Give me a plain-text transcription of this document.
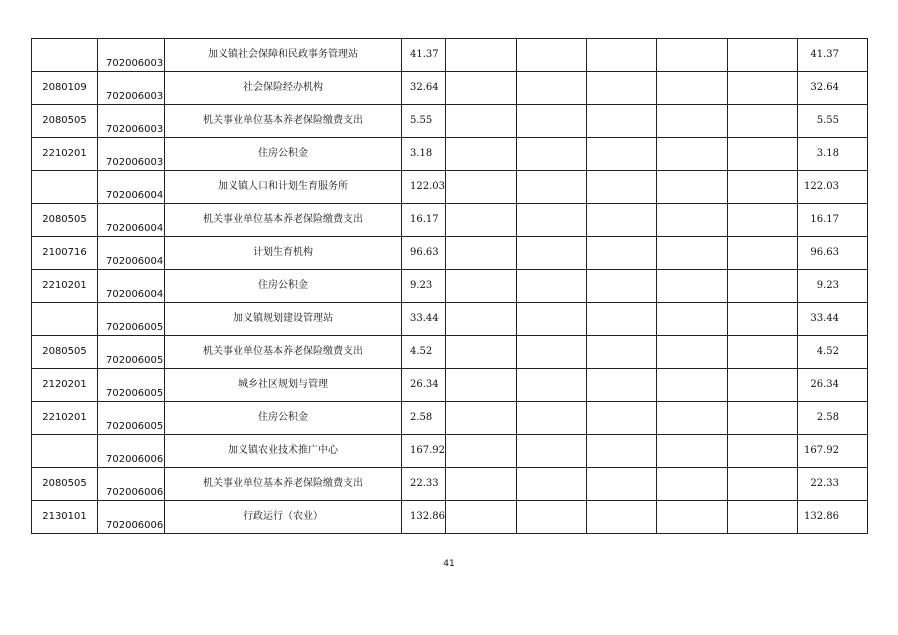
	702006003	加义镇社会保障和民政事务管理站	41.37						41.37
2080109	702006003	社会保险经办机构	32.64						32.64
2080505	702006003	机关事业单位基本养老保险缴费支出	5.55						5.55
2210201	702006003	住房公积金	3.18						3.18
	702006004	加义镇人口和计划生育服务所	122.03						122.03
2080505	702006004	机关事业单位基本养老保险缴费支出	16.17						16.17
2100716	702006004	计划生育机构	96.63						96.63
2210201	702006004	住房公积金	9.23						9.23
	702006005	加义镇规划建设管理站	33.44						33.44
2080505	702006005	机关事业单位基本养老保险缴费支出	4.52						4.52
2120201	702006005	城乡社区规划与管理	26.34						26.34
2210201	702006005	住房公积金	2.58						2.58
	702006006	加义镇农业技术推广中心	167.92						167.92
2080505	702006006	机关事业单位基本养老保险缴费支出	22.33						22.33
2130101	702006006	行政运行（农业）	132.86						132.86
41
